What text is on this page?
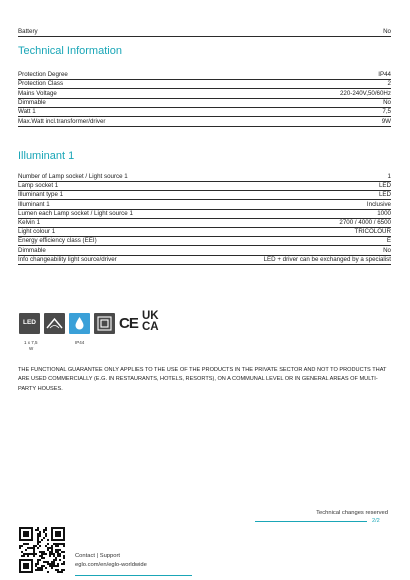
Battery	No
Technical Information
Protection Degree	IP44
Protection Class	2
Mains Voltage	220-240V,50/60Hz
Dimmable	No
Watt 1	7,5
Max.Watt incl.transformer/driver	9W
Illuminant 1
Number of Lamp socket / Light source 1	1
Lamp socket 1	LED
Illuminant type 1	LED
Illuminant 1	Inclusive
Lumen each Lamp socket / Light source 1	1000
Kelvin 1	2700 / 4000 / 6500
Light colour 1	TRICOLOUR
Energy efficiency class (EEI)	E
Dimmable	No
Info changeability light source/driver	LED + driver can be exchanged by a specialist
LED	CE UK
CA
1 x 7,5
W
IP44
THE FUNCTIONAL GUARANTEE ONLY APPLIES TO THE USE OF THE PRODUCTS IN THE PRIVATE SECTOR AND NOT TO PRODUCTS THAT ARE USED COMMERCIALLY (E.G. IN RESTAURANTS, HOTELS, RESORTS), ON A COMMUNAL LEVEL OR IN GENERAL AREAS OF MULTI-PARTY HOUSES.
Technical changes reserved
2/2
Contact | Support
eglo.com/en/eglo-worldwide
